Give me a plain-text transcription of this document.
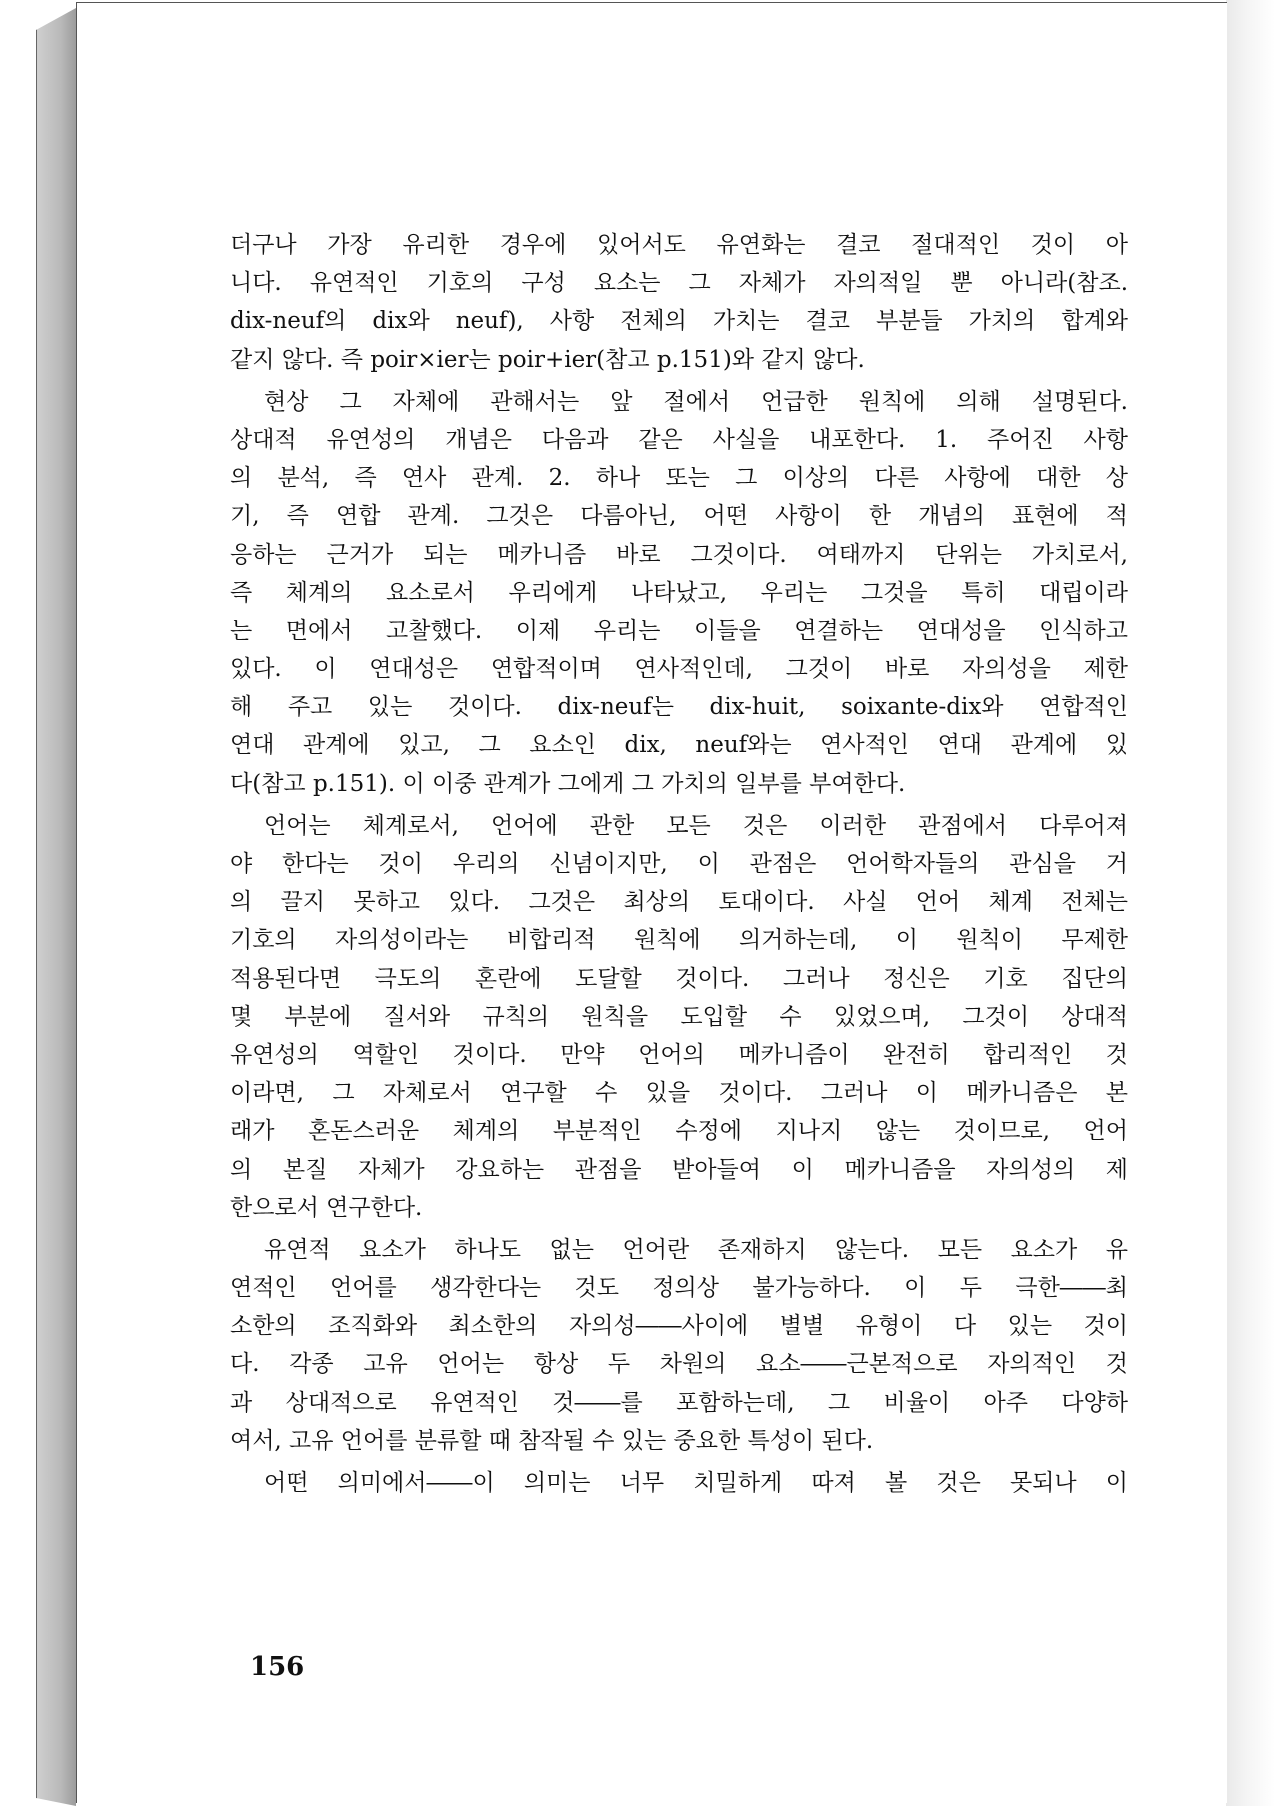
더구나 가장 유리한 경우에 있어서도 유연화는 결코 절대적인 것이 아
니다. 유연적인 기호의 구성 요소는 그 자체가 자의적일 뿐 아니라(참조.
dix-neuf의 dix와 neuf), 사항 전체의 가치는 결코 부분들 가치의 합계와
같지 않다. 즉 poir×ier는 poir+ier(참고 p.151)와 같지 않다.
현상 그 자체에 관해서는 앞 절에서 언급한 원칙에 의해 설명된다.
상대적 유연성의 개념은 다음과 같은 사실을 내포한다. 1. 주어진 사항
의 분석, 즉 연사 관계. 2. 하나 또는 그 이상의 다른 사항에 대한 상
기, 즉 연합 관계. 그것은 다름아닌, 어떤 사항이 한 개념의 표현에 적
응하는 근거가 되는 메카니즘 바로 그것이다. 여태까지 단위는 가치로서,
즉 체계의 요소로서 우리에게 나타났고, 우리는 그것을 특히 대립이라
는 면에서 고찰했다. 이제 우리는 이들을 연결하는 연대성을 인식하고
있다. 이 연대성은 연합적이며 연사적인데, 그것이 바로 자의성을 제한
해 주고 있는 것이다. dix-neuf는 dix-huit, soixante-dix와 연합적인
연대 관계에 있고, 그 요소인 dix, neuf와는 연사적인 연대 관계에 있
다(참고 p.151). 이 이중 관계가 그에게 그 가치의 일부를 부여한다.
언어는 체계로서, 언어에 관한 모든 것은 이러한 관점에서 다루어져
야 한다는 것이 우리의 신념이지만, 이 관점은 언어학자들의 관심을 거
의 끌지 못하고 있다. 그것은 최상의 토대이다. 사실 언어 체계 전체는
기호의 자의성이라는 비합리적 원칙에 의거하는데, 이 원칙이 무제한
적용된다면 극도의 혼란에 도달할 것이다. 그러나 정신은 기호 집단의
몇 부분에 질서와 규칙의 원칙을 도입할 수 있었으며, 그것이 상대적
유연성의 역할인 것이다. 만약 언어의 메카니즘이 완전히 합리적인 것
이라면, 그 자체로서 연구할 수 있을 것이다. 그러나 이 메카니즘은 본
래가 혼돈스러운 체계의 부분적인 수정에 지나지 않는 것이므로, 언어
의 본질 자체가 강요하는 관점을 받아들여 이 메카니즘을 자의성의 제
한으로서 연구한다.
유연적 요소가 하나도 없는 언어란 존재하지 않는다. 모든 요소가 유
연적인 언어를 생각한다는 것도 정의상 불가능하다. 이 두 극한――최
소한의 조직화와 최소한의 자의성――사이에 별별 유형이 다 있는 것이
다. 각종 고유 언어는 항상 두 차원의 요소――근본적으로 자의적인 것
과 상대적으로 유연적인 것――를 포함하는데, 그 비율이 아주 다양하
여서, 고유 언어를 분류할 때 참작될 수 있는 중요한 특성이 된다.
어떤 의미에서――이 의미는 너무 치밀하게 따져 볼 것은 못되나 이
156
